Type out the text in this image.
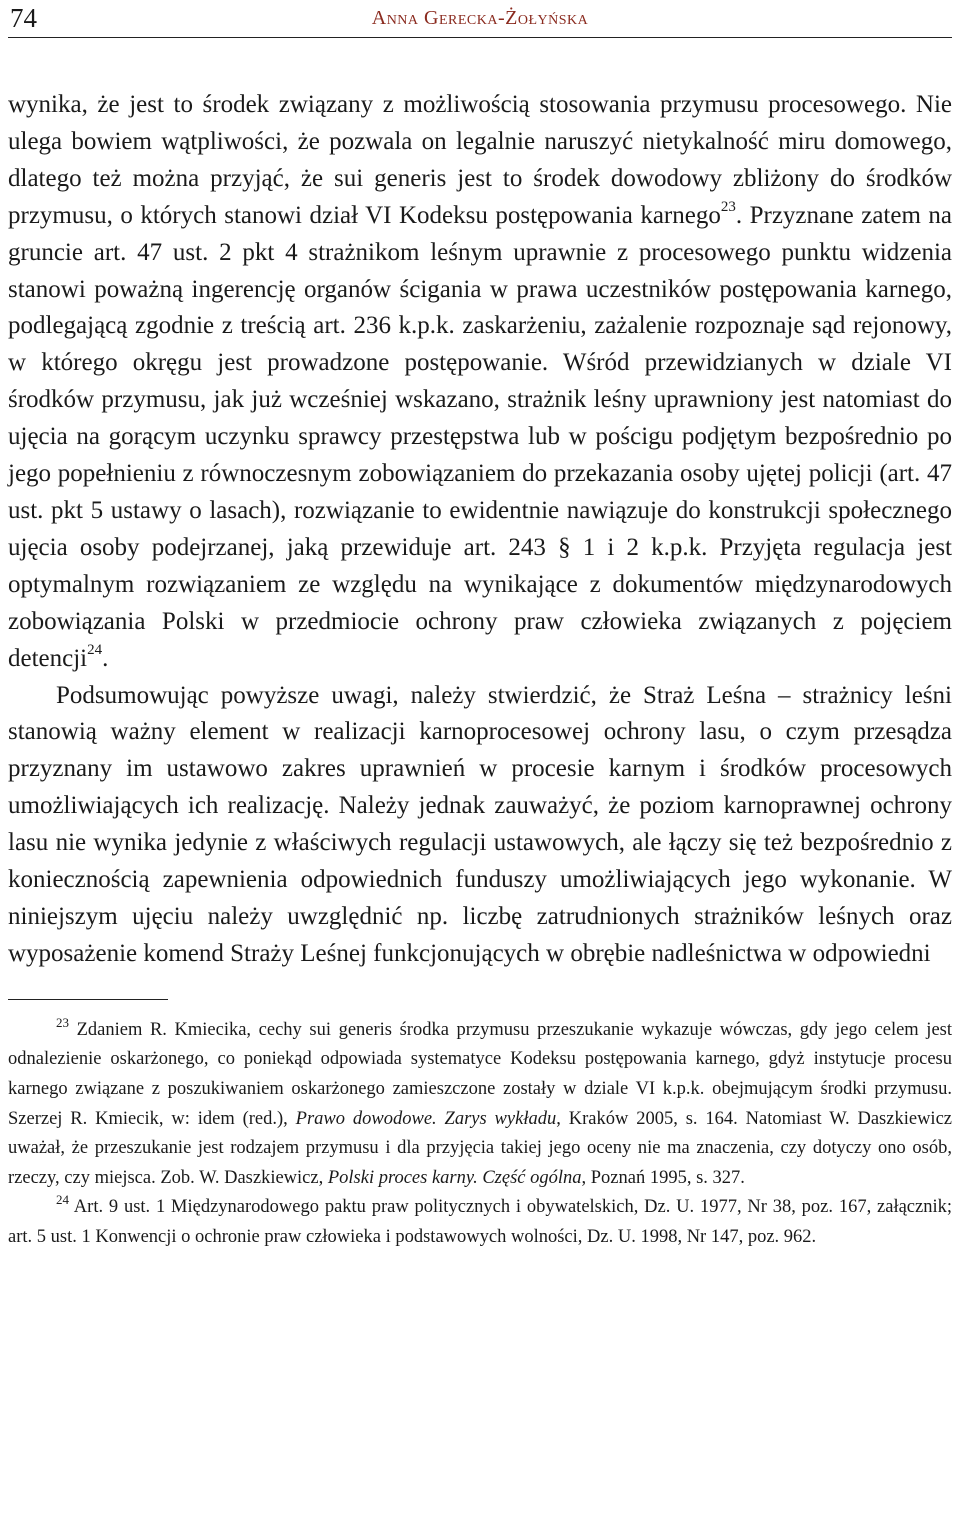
74	Anna Gerecka-Żołyńska

wynika, że jest to środek związany z możliwością stosowania przymusu procesowego. Nie ulega bowiem wątpliwości, że pozwala on legalnie naruszyć nietykalność miru domowego, dlatego też można przyjąć, że sui generis jest to środek dowodowy zbliżony do środków przymusu, o których stanowi dział VI Kodeksu postępowania karnego$^{23}$. Przyznane zatem na gruncie art. 47 ust. 2 pkt 4 strażnikom leśnym uprawnie z procesowego punktu widzenia stanowi poważną ingerencję organów ścigania w prawa uczestników postępowania karnego, podlegającą zgodnie z treścią art. 236 k.p.k. zaskarżeniu, zażalenie rozpoznaje sąd rejonowy, w którego okręgu jest prowadzone postępowanie. Wśród przewidzianych w dziale VI środków przymusu, jak już wcześniej wskazano, strażnik leśny uprawniony jest natomiast do ujęcia na gorącym uczynku sprawcy przestępstwa lub w pościgu podjętym bezpośrednio po jego popełnieniu z równoczesnym zobowiązaniem do przekazania osoby ujętej policji (art. 47 ust. pkt 5 ustawy o lasach), rozwiązanie to ewidentnie nawiązuje do konstrukcji społecznego ujęcia osoby podejrzanej, jaką przewiduje art. 243 § 1 i 2 k.p.k. Przyjęta regulacja jest optymalnym rozwiązaniem ze względu na wynikające z dokumentów międzynarodowych zobowiązania Polski w przedmiocie ochrony praw człowieka związanych z pojęciem detencji$^{24}$.

Podsumowując powyższe uwagi, należy stwierdzić, że Straż Leśna – strażnicy leśni stanowią ważny element w realizacji karnoprocesowej ochrony lasu, o czym przesądza przyznany im ustawowo zakres uprawnień w procesie karnym i środków procesowych umożliwiających ich realizację. Należy jednak zauważyć, że poziom karnoprawnej ochrony lasu nie wynika jedynie z właściwych regulacji ustawowych, ale łączy się też bezpośrednio z koniecznością zapewnienia odpowiednich funduszy umożliwiających jego wykonanie. W niniejszym ujęciu należy uwzględnić np. liczbę zatrudnionych strażników leśnych oraz wyposażenie komend Straży Leśnej funkcjonujących w obrębie nadleśnictwa w odpowiedni

$^{23}$ Zdaniem R. Kmiecika, cechy sui generis środka przymusu przeszukanie wykazuje wówczas, gdy jego celem jest odnalezienie oskarżonego, co poniekąd odpowiada systematyce Kodeksu postępowania karnego, gdyż instytucje procesu karnego związane z poszukiwaniem oskarżonego zamieszczone zostały w dziale VI k.p.k. obejmującym środki przymusu. Szerzej R. Kmiecik, w: idem (red.), Prawo dowodowe. Zarys wykładu, Kraków 2005, s. 164. Natomiast W. Daszkiewicz uważał, że przeszukanie jest rodzajem przymusu i dla przyjęcia takiej jego oceny nie ma znaczenia, czy dotyczy ono osób, rzeczy, czy miejsca. Zob. W. Daszkiewicz, Polski proces karny. Część ogólna, Poznań 1995, s. 327.

$^{24}$ Art. 9 ust. 1 Międzynarodowego paktu praw politycznych i obywatelskich, Dz. U. 1977, Nr 38, poz. 167, załącznik; art. 5 ust. 1 Konwencji o ochronie praw człowieka i podstawowych wolności, Dz. U. 1998, Nr 147, poz. 962.
